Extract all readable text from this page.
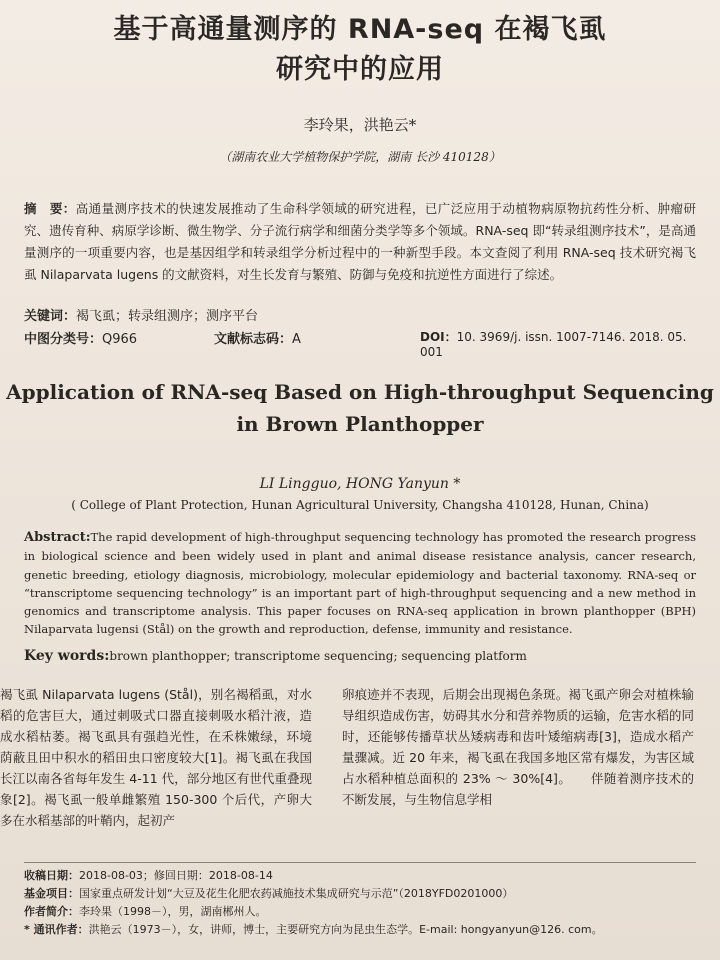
基于高通量测序的 RNA-seq 在褐飞虱
研究中的应用
李玲果，洪艳云*
（湖南农业大学植物保护学院，湖南 长沙 410128）
摘　要：高通量测序技术的快速发展推动了生命科学领域的研究进程，已广泛应用于动植物病原物抗药性分析、肿瘤研究、遗传育种、病原学诊断、微生物学、分子流行病学和细菌分类学等多个领域。RNA-seq 即“转录组测序技术”，是高通量测序的一项重要内容，也是基因组学和转录组学分析过程中的一种新型手段。本文查阅了利用 RNA-seq 技术研究褐飞虱 Nilaparvata lugens 的文献资料，对生长发育与繁殖、防御与免疫和抗逆性方面进行了综述。
关键词：褐飞虱；转录组测序；测序平台
中图分类号：Q966	文献标志码：A	DOI：10. 3969/j. issn. 1007-7146. 2018. 05. 001
Application of RNA-seq Based on High-throughput Sequencing
in Brown Planthopper
LI Lingguo, HONG Yanyun *
( College of Plant Protection, Hunan Agricultural University, Changsha 410128, Hunan, China)
Abstract:The rapid development of high-throughput sequencing technology has promoted the research progress in biological science and been widely used in plant and animal disease resistance analysis, cancer research, genetic breeding, etiology diagnosis, microbiology, molecular epidemiology and bacterial taxonomy. RNA-seq or “transcriptome sequencing technology” is an important part of high-throughput sequencing and a new method in genomics and transcriptome analysis. This paper focuses on RNA-seq application in brown planthopper (BPH) Nilaparvata lugensi (Stål) on the growth and reproduction, defense, immunity and resistance.
Key words:brown planthopper; transcriptome sequencing; sequencing platform
褐飞虱 Nilaparvata lugens (Stål)，别名褐稻虱，对水稻的危害巨大，通过刺吸式口器直接刺吸水稻汁液，造成水稻枯萎。褐飞虱具有强趋光性，在禾株嫩绿，环境荫蔽且田中积水的稻田虫口密度较大[1]。褐飞虱在我国长江以南各省每年发生 4-11 代，部分地区有世代重叠现象[2]。褐飞虱一般单雌繁殖 150-300 个后代，产卵大多在水稻基部的叶鞘内，起初产
卵痕迹并不表现，后期会出现褐色条斑。褐飞虱产卵会对植株输导组织造成伤害，妨碍其水分和营养物质的运输，危害水稻的同时，还能够传播草状丛矮病毒和齿叶矮缩病毒[3]，造成水稻产量骤减。近 20 年来，褐飞虱在我国多地区常有爆发，为害区域占水稻种植总面积的 23% ～ 30%[4]。　　伴随着测序技术的不断发展，与生物信息学相
收稿日期：2018-08-03；修回日期：2018-08-14
基金项目：国家重点研发计划“大豆及花生化肥农药减施技术集成研究与示范”（2018YFD0201000）
作者简介：李玲果（1998－），男，湖南郴州人。
* 通讯作者：洪艳云（1973－），女，讲师，博士，主要研究方向为昆虫生态学。E-mail: hongyanyun@126. com。
